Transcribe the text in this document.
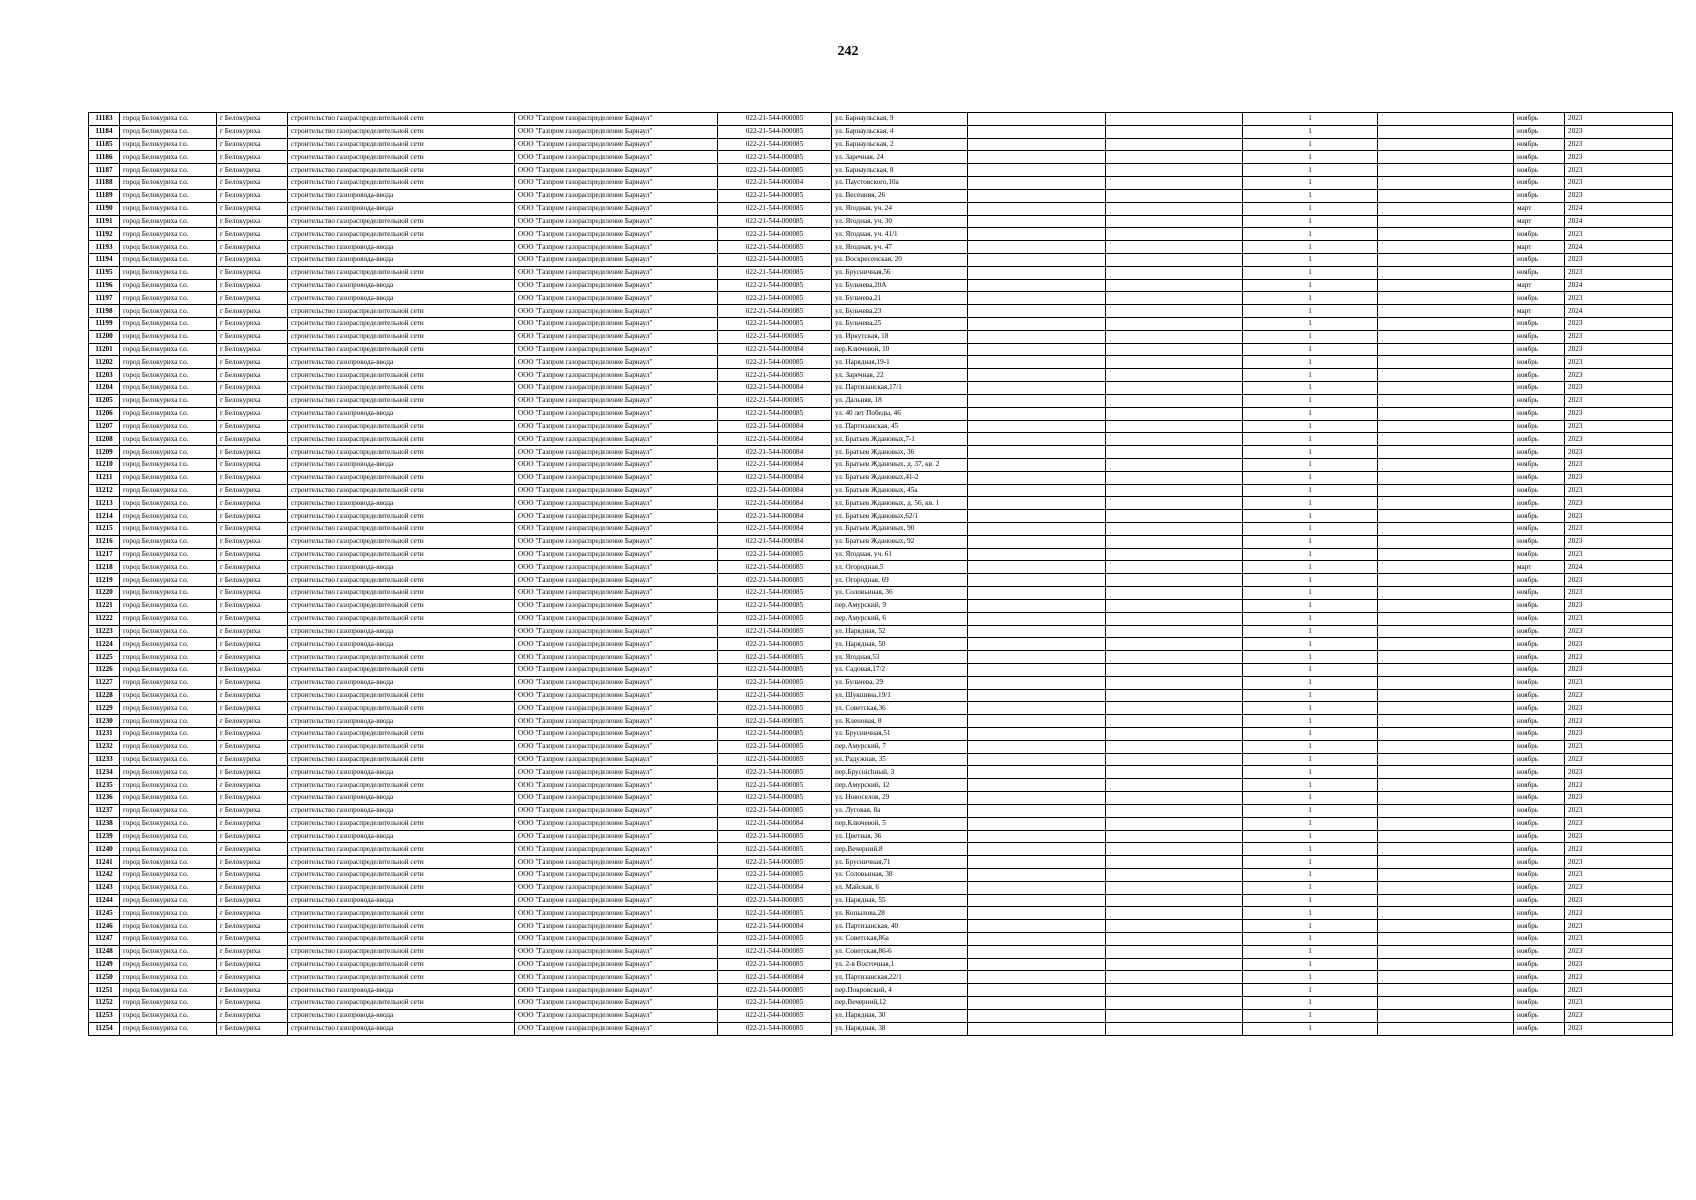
242
11183	город Белокуриха г.о.	г Белокуриха	строительство газораспределительной сети	ООО "Газпром газораспределение Барнаул"	022-21-544-000085	ул. Барнаульская, 9			1		ноябрь	2023
11184	город Белокуриха г.о.	г Белокуриха	строительство газораспределительной сети	ООО "Газпром газораспределение Барнаул"	022-21-544-000085	ул. Барнаульская, 4			1		ноябрь	2023
11185	город Белокуриха г.о.	г Белокуриха	строительство газораспределительной сети	ООО "Газпром газораспределение Барнаул"	022-21-544-000085	ул. Барнаульская, 2			1		ноябрь	2023
11186	город Белокуриха г.о.	г Белокуриха	строительство газораспределительной сети	ООО "Газпром газораспределение Барнаул"	022-21-544-000085	ул. Заречная, 24			1		ноябрь	2023
11187	город Белокуриха г.о.	г Белокуриха	строительство газораспределительной сети	ООО "Газпром газораспределение Барнаул"	022-21-544-000085	ул. Барнаульская, 8			1		ноябрь	2023
11188	город Белокуриха г.о.	г Белокуриха	строительство газораспределительной сети	ООО "Газпром газораспределение Барнаул"	022-21-544-000084	ул. Паустовского,10а			1		ноябрь	2023
11189	город Белокуриха г.о.	г Белокуриха	строительство газопровода-ввода	ООО "Газпром газораспределение Барнаул"	022-21-544-000085	ул. Весенняя, 26			1		ноябрь	2023
11190	город Белокуриха г.о.	г Белокуриха	строительство газопровода-ввода	ООО "Газпром газораспределение Барнаул"	022-21-544-000085	ул. Ягодная, уч. 24			1		март	2024
11191	город Белокуриха г.о.	г Белокуриха	строительство газораспределительной сети	ООО "Газпром газораспределение Барнаул"	022-21-544-000085	ул. Ягодная, уч. 30			1		март	2024
11192	город Белокуриха г.о.	г Белокуриха	строительство газораспределительной сети	ООО "Газпром газораспределение Барнаул"	022-21-544-000085	ул. Ягодная, уч. 41/1			1		ноябрь	2023
11193	город Белокуриха г.о.	г Белокуриха	строительство газопровода-ввода	ООО "Газпром газораспределение Барнаул"	022-21-544-000085	ул. Ягодная, уч. 47			1		март	2024
11194	город Белокуриха г.о.	г Белокуриха	строительство газопровода-ввода	ООО "Газпром газораспределение Барнаул"	022-21-544-000085	ул. Воскресенская, 20			1		ноябрь	2023
11195	город Белокуриха г.о.	г Белокуриха	строительство газораспределительной сети	ООО "Газпром газораспределение Барнаул"	022-21-544-000085	ул. Брусничная,56			1		ноябрь	2023
11196	город Белокуриха г.о.	г Белокуриха	строительство газопровода-ввода	ООО "Газпром газораспределение Барнаул"	022-21-544-000085	ул. Бульчева,20А			1		март	2024
11197	город Белокуриха г.о.	г Белокуриха	строительство газопровода-ввода	ООО "Газпром газораспределение Барнаул"	022-21-544-000085	ул. Бульчева,21			1		ноябрь	2023
11198	город Белокуриха г.о.	г Белокуриха	строительство газораспределительной сети	ООО "Газпром газораспределение Барнаул"	022-21-544-000085	ул. Бульчева,23			1		март	2024
11199	город Белокуриха г.о.	г Белокуриха	строительство газораспределительной сети	ООО "Газпром газораспределение Барнаул"	022-21-544-000085	ул. Бульчева,25			1		ноябрь	2023
11200	город Белокуриха г.о.	г Белокуриха	строительство газораспределительной сети	ООО "Газпром газораспределение Барнаул"	022-21-544-000085	ул. Иркутская, 18			1		ноябрь	2023
11201	город Белокуриха г.о.	г Белокуриха	строительство газораспределительной сети	ООО "Газпром газораспределение Барнаул"	022-21-544-000084	пер.Ключевой, 10			1		ноябрь	2023
11202	город Белокуриха г.о.	г Белокуриха	строительство газопровода-ввода	ООО "Газпром газораспределение Барнаул"	022-21-544-000085	ул. Нарядная,19-1			1		ноябрь	2023
11203	город Белокуриха г.о.	г Белокуриха	строительство газораспределительной сети	ООО "Газпром газораспределение Барнаул"	022-21-544-000085	ул. Заречная, 22			1		ноябрь	2023
11204	город Белокуриха г.о.	г Белокуриха	строительство газораспределительной сети	ООО "Газпром газораспределение Барнаул"	022-21-544-000084	ул. Партизанская,17/1			1		ноябрь	2023
11205	город Белокуриха г.о.	г Белокуриха	строительство газораспределительной сети	ООО "Газпром газораспределение Барнаул"	022-21-544-000085	ул. Дальняя, 18			1		ноябрь	2023
11206	город Белокуриха г.о.	г Белокуриха	строительство газопровода-ввода	ООО "Газпром газораспределение Барнаул"	022-21-544-000085	ул. 40 лет Победы, 46			1		ноябрь	2023
11207	город Белокуриха г.о.	г Белокуриха	строительство газораспределительной сети	ООО "Газпром газораспределение Барнаул"	022-21-544-000084	ул. Партизанская, 45			1		ноябрь	2023
11208	город Белокуриха г.о.	г Белокуриха	строительство газораспределительной сети	ООО "Газпром газораспределение Барнаул"	022-21-544-000084	ул. Братьев Ждановых,7-1			1		ноябрь	2023
11209	город Белокуриха г.о.	г Белокуриха	строительство газораспределительной сети	ООО "Газпром газораспределение Барнаул"	022-21-544-000084	ул. Братьев Ждановых, 36			1		ноябрь	2023
11210	город Белокуриха г.о.	г Белокуриха	строительство газопровода-ввода	ООО "Газпром газораспределение Барнаул"	022-21-544-000084	ул. Братьев Ждановых, д. 37, кв. 2			1		ноябрь	2023
11211	город Белокуриха г.о.	г Белокуриха	строительство газораспределительной сети	ООО "Газпром газораспределение Барнаул"	022-21-544-000084	ул. Братьев Ждановых,41-2			1		ноябрь	2023
11212	город Белокуриха г.о.	г Белокуриха	строительство газораспределительной сети	ООО "Газпром газораспределение Барнаул"	022-21-544-000084	ул. Братьев Ждановых, 45а			1		ноябрь	2023
11213	город Белокуриха г.о.	г Белокуриха	строительство газопровода-ввода	ООО "Газпром газораспределение Барнаул"	022-21-544-000084	ул. Братьев Ждановых, д. 56, кв. 1			1		ноябрь	2023
11214	город Белокуриха г.о.	г Белокуриха	строительство газораспределительной сети	ООО "Газпром газораспределение Барнаул"	022-21-544-000084	ул. Братьев Ждановых,62/1			1		ноябрь	2023
11215	город Белокуриха г.о.	г Белокуриха	строительство газораспределительной сети	ООО "Газпром газораспределение Барнаул"	022-21-544-000084	ул. Братьев Ждановых, 90			1		ноябрь	2023
11216	город Белокуриха г.о.	г Белокуриха	строительство газораспределительной сети	ООО "Газпром газораспределение Барнаул"	022-21-544-000084	ул. Братьев Ждановых, 92			1		ноябрь	2023
11217	город Белокуриха г.о.	г Белокуриха	строительство газораспределительной сети	ООО "Газпром газораспределение Барнаул"	022-21-544-000085	ул. Ягодная, уч. 61			1		ноябрь	2023
11218	город Белокуриха г.о.	г Белокуриха	строительство газопровода-ввода	ООО "Газпром газораспределение Барнаул"	022-21-544-000085	ул. Огородная,5			1		март	2024
11219	город Белокуриха г.о.	г Белокуриха	строительство газораспределительной сети	ООО "Газпром газораспределение Барнаул"	022-21-544-000085	ул. Огородная, 69			1		ноябрь	2023
11220	город Белокуриха г.о.	г Белокуриха	строительство газораспределительной сети	ООО "Газпром газораспределение Барнаул"	022-21-544-000085	ул. Соловьиная, 36			1		ноябрь	2023
11221	город Белокуриха г.о.	г Белокуриха	строительство газораспределительной сети	ООО "Газпром газораспределение Барнаул"	022-21-544-000085	пер.Амурский, 9			1		ноябрь	2023
11222	город Белокуриха г.о.	г Белокуриха	строительство газораспределительной сети	ООО "Газпром газораспределение Барнаул"	022-21-544-000085	пер.Амурский, 6			1		ноябрь	2023
11223	город Белокуриха г.о.	г Белокуриха	строительство газопровода-ввода	ООО "Газпром газораспределение Барнаул"	022-21-544-000085	ул. Нарядная, 52			1		ноябрь	2023
11224	город Белокуриха г.о.	г Белокуриха	строительство газопровода-ввода	ООО "Газпром газораспределение Барнаул"	022-21-544-000085	ул. Нарядная, 50			1		ноябрь	2023
11225	город Белокуриха г.о.	г Белокуриха	строительство газораспределительной сети	ООО "Газпром газораспределение Барнаул"	022-21-544-000085	ул. Ягодная,53			1		ноябрь	2023
11226	город Белокуриха г.о.	г Белокуриха	строительство газораспределительной сети	ООО "Газпром газораспределение Барнаул"	022-21-544-000085	ул. Садовая,17/2			1		ноябрь	2023
11227	город Белокуриха г.о.	г Белокуриха	строительство газопровода-ввода	ООО "Газпром газораспределение Барнаул"	022-21-544-000085	ул. Бульчева, 29			1		ноябрь	2023
11228	город Белокуриха г.о.	г Белокуриха	строительство газораспределительной сети	ООО "Газпром газораспределение Барнаул"	022-21-544-000085	ул. Шукшина,19/1			1		ноябрь	2023
11229	город Белокуриха г.о.	г Белокуриха	строительство газораспределительной сети	ООО "Газпром газораспределение Барнаул"	022-21-544-000085	ул. Советская,36			1		ноябрь	2023
11230	город Белокуриха г.о.	г Белокуриха	строительство газопровода-ввода	ООО "Газпром газораспределение Барнаул"	022-21-544-000085	ул. Кленовая, 8			1		ноябрь	2023
11231	город Белокуриха г.о.	г Белокуриха	строительство газораспределительной сети	ООО "Газпром газораспределение Барнаул"	022-21-544-000085	ул. Брусничная,51			1		ноябрь	2023
11232	город Белокуриха г.о.	г Белокуриха	строительство газораспределительной сети	ООО "Газпром газораспределение Барнаул"	022-21-544-000085	пер.Амурский, 7			1		ноябрь	2023
11233	город Белокуриха г.о.	г Белокуриха	строительство газораспределительной сети	ООО "Газпром газораспределение Барнаул"	022-21-544-000085	ул. Радужная, 35			1		ноябрь	2023
11234	город Белокуриха г.о.	г Белокуриха	строительство газопровода-ввода	ООО "Газпром газораспределение Барнаул"	022-21-544-000085	пер.Бруснichный, 3			1		ноябрь	2023
11235	город Белокуриха г.о.	г Белокуриха	строительство газораспределительной сети	ООО "Газпром газораспределение Барнаул"	022-21-544-000085	пер.Амурский, 12			1		ноябрь	2023
11236	город Белокуриха г.о.	г Белокуриха	строительство газопровода-ввода	ООО "Газпром газораспределение Барнаул"	022-21-544-000085	ул. Новоселов, 29			1		ноябрь	2023
11237	город Белокуриха г.о.	г Белокуриха	строительство газопровода-ввода	ООО "Газпром газораспределение Барнаул"	022-21-544-000085	ул. Луговая, 8а			1		ноябрь	2023
11238	город Белокуриха г.о.	г Белокуриха	строительство газораспределительной сети	ООО "Газпром газораспределение Барнаул"	022-21-544-000084	пер.Ключевой, 5			1		ноябрь	2023
11239	город Белокуриха г.о.	г Белокуриха	строительство газопровода-ввода	ООО "Газпром газораспределение Барнаул"	022-21-544-000085	ул. Цветная, 36			1		ноябрь	2023
11240	город Белокуриха г.о.	г Белокуриха	строительство газораспределительной сети	ООО "Газпром газораспределение Барнаул"	022-21-544-000085	пер.Вечерний,8			1		ноябрь	2023
11241	город Белокуриха г.о.	г Белокуриха	строительство газораспределительной сети	ООО "Газпром газораспределение Барнаул"	022-21-544-000085	ул. Брусничная,71			1		ноябрь	2023
11242	город Белокуриха г.о.	г Белокуриха	строительство газораспределительной сети	ООО "Газпром газораспределение Барнаул"	022-21-544-000085	ул. Соловьиная, 38			1		ноябрь	2023
11243	город Белокуриха г.о.	г Белокуриха	строительство газораспределительной сети	ООО "Газпром газораспределение Барнаул"	022-21-544-000084	ул. Майская, 6			1		ноябрь	2023
11244	город Белокуриха г.о.	г Белокуриха	строительство газопровода-ввода	ООО "Газпром газораспределение Барнаул"	022-21-544-000085	ул. Нарядная, 55			1		ноябрь	2023
11245	город Белокуриха г.о.	г Белокуриха	строительство газораспределительной сети	ООО "Газпром газораспределение Барнаул"	022-21-544-000085	ул. Копылова,28			1		ноябрь	2023
11246	город Белокуриха г.о.	г Белокуриха	строительство газораспределительной сети	ООО "Газпром газораспределение Барнаул"	022-21-544-000084	ул. Партизанская, 40			1		ноябрь	2023
11247	город Белокуриха г.о.	г Белокуриха	строительство газораспределительной сети	ООО "Газпром газораспределение Барнаул"	022-21-544-000085	ул. Советская,86а			1		ноябрь	2023
11248	город Белокуриха г.о.	г Белокуриха	строительство газораспределительной сети	ООО "Газпром газораспределение Барнаул"	022-21-544-000085	ул. Советская,86-6			1		ноябрь	2023
11249	город Белокуриха г.о.	г Белокуриха	строительство газораспределительной сети	ООО "Газпром газораспределение Барнаул"	022-21-544-000085	ул. 2-я Восточная,1			1		ноябрь	2023
11250	город Белокуриха г.о.	г Белокуриха	строительство газораспределительной сети	ООО "Газпром газораспределение Барнаул"	022-21-544-000084	ул. Партизанская,22/1			1		ноябрь	2023
11251	город Белокуриха г.о.	г Белокуриха	строительство газопровода-ввода	ООО "Газпром газораспределение Барнаул"	022-21-544-000085	пер.Покровский, 4			1		ноябрь	2023
11252	город Белокуриха г.о.	г Белокуриха	строительство газораспределительной сети	ООО "Газпром газораспределение Барнаул"	022-21-544-000085	пер.Вечерний,12			1		ноябрь	2023
11253	город Белокуриха г.о.	г Белокуриха	строительство газопровода-ввода	ООО "Газпром газораспределение Барнаул"	022-21-544-000085	ул. Нарядная, 30			1		ноябрь	2023
11254	город Белокуриха г.о.	г Белокуриха	строительство газопровода-ввода	ООО "Газпром газораспределение Барнаул"	022-21-544-000085	ул. Нарядная, 38			1		ноябрь	2023
